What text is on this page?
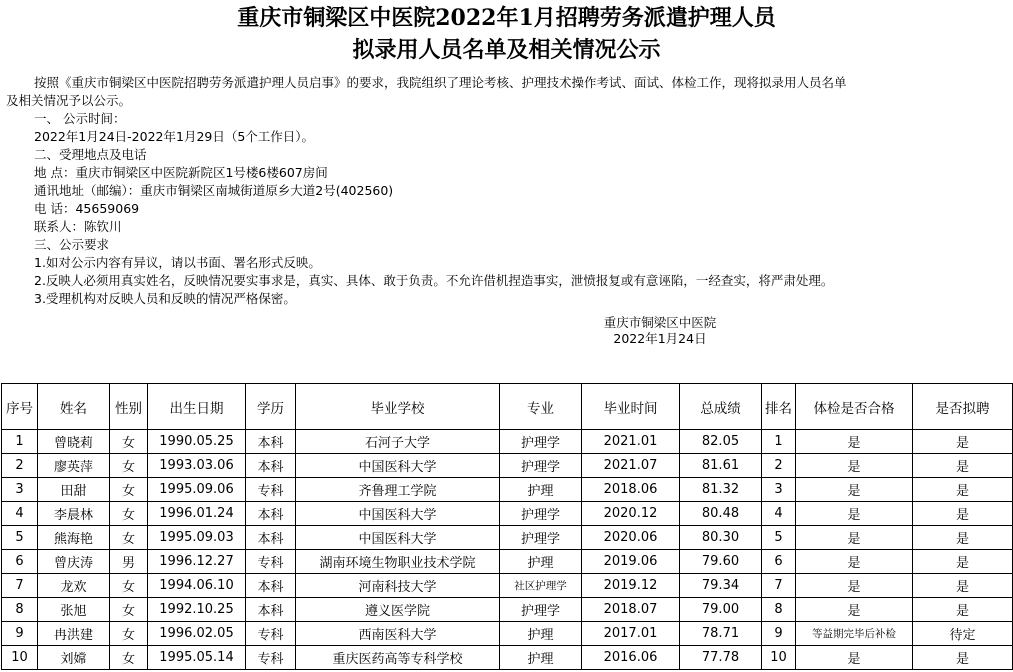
重庆市铜梁区中医院2022年1月招聘劳务派遣护理人员
拟录用人员名单及相关情况公示
按照《重庆市铜梁区中医院招聘劳务派遣护理人员启事》的要求，我院组织了理论考核、护理技术操作考试、面试、体检工作，现将拟录用人员名单
及相关情况予以公示。
一、 公示时间：
2022年1月24日-2022年1月29日（5个工作日）。
二、受理地点及电话
地 点：重庆市铜梁区中医院新院区1号楼6楼607房间
通讯地址（邮编）：重庆市铜梁区南城街道原乡大道2号(402560)
电 话：45659069
联系人：陈钦川
三、公示要求
1.如对公示内容有异议，请以书面、署名形式反映。
2.反映人必须用真实姓名，反映情况要实事求是，真实、具体、敢于负责。不允许借机捏造事实，泄愤报复或有意诬陷，一经查实，将严肃处理。
3.受理机构对反映人员和反映的情况严格保密。
重庆市铜梁区中医院
2022年1月24日
序号	姓名	性别	出生日期	学历	毕业学校	专业	毕业时间	总成绩	排名	体检是否合格	是否拟聘
1	曾晓莉	女	1990.05.25	本科	石河子大学	护理学	2021.01	82.05	1	是	是
2	廖英萍	女	1993.03.06	本科	中国医科大学	护理学	2021.07	81.61	2	是	是
3	田甜	女	1995.09.06	专科	齐鲁理工学院	护理	2018.06	81.32	3	是	是
4	李晨林	女	1996.01.24	本科	中国医科大学	护理学	2020.12	80.48	4	是	是
5	熊海艳	女	1995.09.03	本科	中国医科大学	护理学	2020.06	80.30	5	是	是
6	曾庆涛	男	1996.12.27	专科	湖南环境生物职业技术学院	护理	2019.06	79.60	6	是	是
7	龙欢	女	1994.06.10	本科	河南科技大学	社区护理学	2019.12	79.34	7	是	是
8	张旭	女	1992.10.25	本科	遵义医学院	护理学	2018.07	79.00	8	是	是
9	冉洪建	女	1996.02.05	专科	西南医科大学	护理	2017.01	78.71	9	等益期完毕后补检	待定
10	刘嫦	女	1995.05.14	专科	重庆医药高等专科学校	护理	2016.06	77.78	10	是	是
